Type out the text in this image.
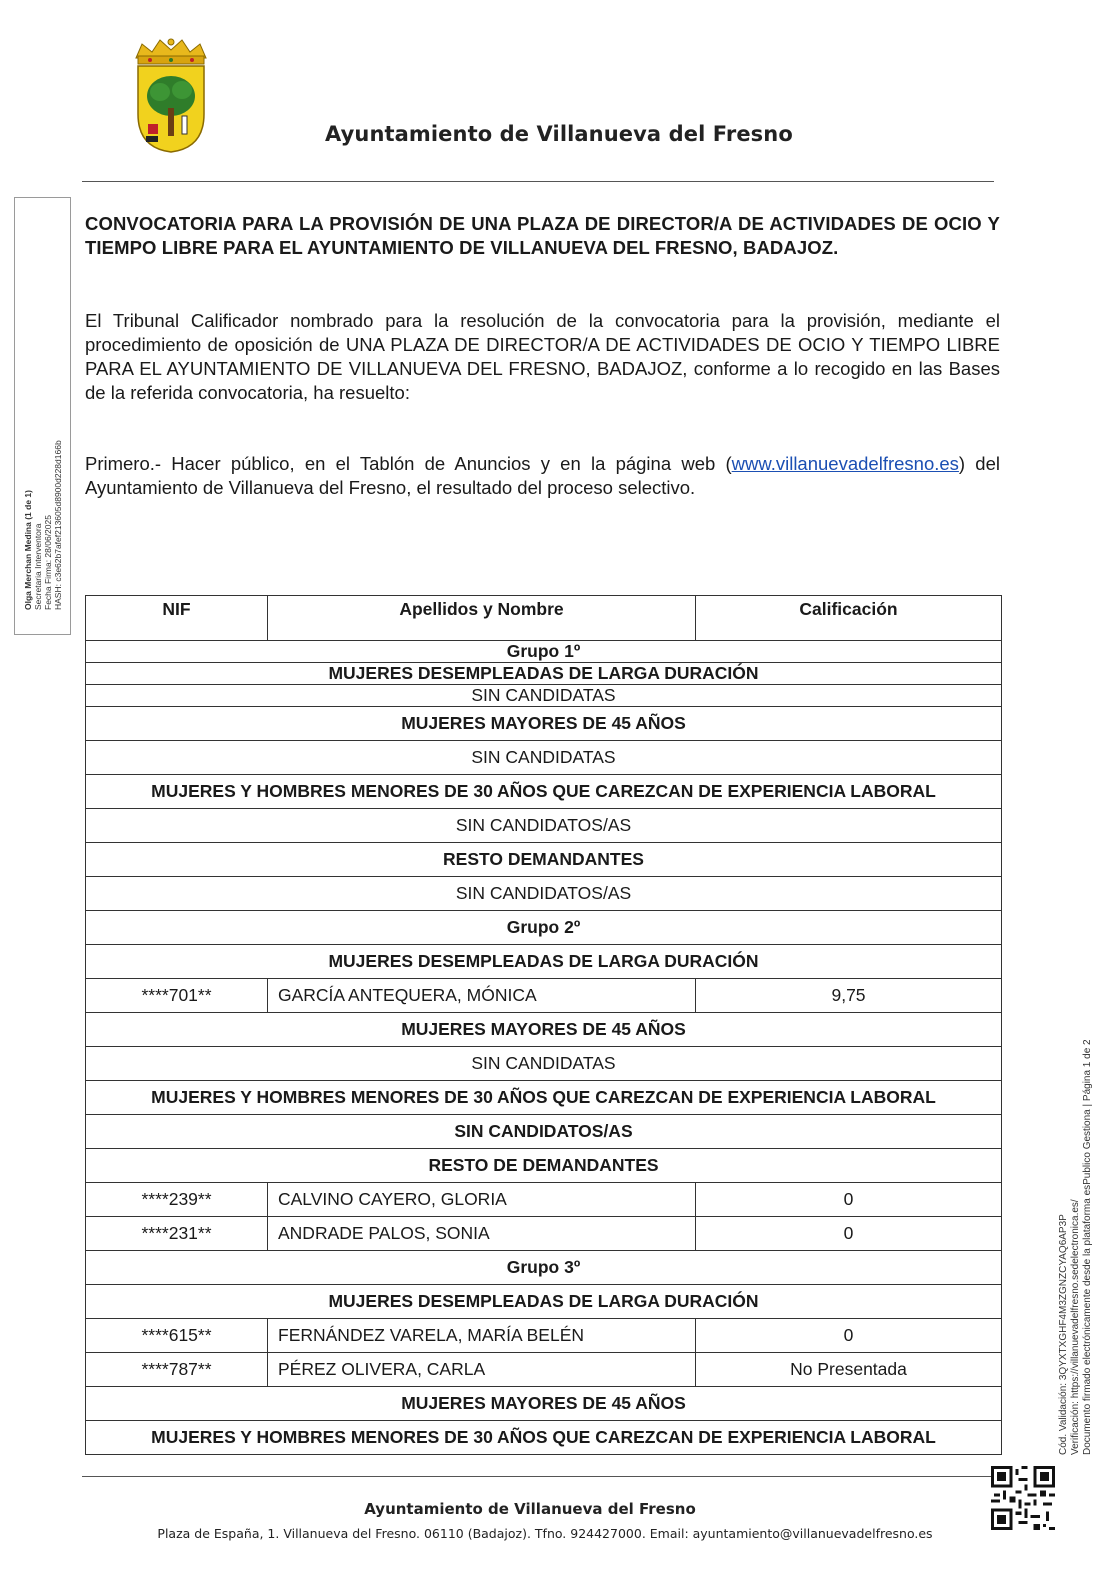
Ayuntamiento de Villanueva del Fresno
Olga Merchan Medina (1 de 1) Secretaria Interventora Fecha Firma: 28/06/2025 HASH: c3e62b7afef213605d8900d228d166b
CONVOCATORIA PARA LA PROVISIÓN DE UNA PLAZA DE DIRECTOR/A DE ACTIVIDADES DE OCIO Y TIEMPO LIBRE PARA EL AYUNTAMIENTO DE VILLANUEVA DEL FRESNO, BADAJOZ.
El Tribunal Calificador nombrado para la resolución de la convocatoria para la provisión, mediante el procedimiento de oposición de UNA PLAZA DE DIRECTOR/A DE ACTIVIDADES DE OCIO Y TIEMPO LIBRE PARA EL AYUNTAMIENTO DE VILLANUEVA DEL FRESNO, BADAJOZ, conforme a lo recogido en las Bases de la referida convocatoria, ha resuelto:
Primero.- Hacer público, en el Tablón de Anuncios y en la página web (www.villanuevadelfresno.es) del Ayuntamiento de Villanueva del Fresno, el resultado del proceso selectivo.
NIF	Apellidos y Nombre	Calificación
Grupo 1º		
MUJERES DESEMPLEADAS DE LARGA DURACIÓN		
SIN CANDIDATAS		
MUJERES MAYORES DE 45 AÑOS		
SIN CANDIDATAS		
MUJERES Y HOMBRES MENORES DE 30 AÑOS QUE CAREZCAN DE EXPERIENCIA LABORAL		
SIN CANDIDATOS/AS		
RESTO DEMANDANTES		
SIN CANDIDATOS/AS		
Grupo 2º		
MUJERES DESEMPLEADAS DE LARGA DURACIÓN		
****701**	GARCÍA ANTEQUERA, MÓNICA	9,75
MUJERES MAYORES DE 45 AÑOS		
SIN CANDIDATAS		
MUJERES Y HOMBRES MENORES DE 30 AÑOS QUE CAREZCAN DE EXPERIENCIA LABORAL		
SIN CANDIDATOS/AS		
RESTO DE DEMANDANTES		
****239**	CALVINO CAYERO, GLORIA	0
****231**	ANDRADE PALOS, SONIA	0
Grupo 3º		
MUJERES DESEMPLEADAS DE LARGA DURACIÓN		
****615**	FERNÁNDEZ VARELA, MARÍA BELÉN	0
****787**	PÉREZ OLIVERA, CARLA	No Presentada
MUJERES MAYORES DE 45 AÑOS		
MUJERES Y HOMBRES MENORES DE 30 AÑOS QUE CAREZCAN DE EXPERIENCIA LABORAL			Cód. Validación: 3QYXTXGHF4M3ZGNZCYAQ6AP3P Verificación: https://villanuevadelfresno.sedelectronica.es/ Documento firmado electrónicamente desde la plataforma esPublico Gestiona | Página 1 de 2
Ayuntamiento de Villanueva del Fresno
Plaza de España, 1. Villanueva del Fresno. 06110 (Badajoz). Tfno. 924427000. Email: ayuntamiento@villanuevadelfresno.es
